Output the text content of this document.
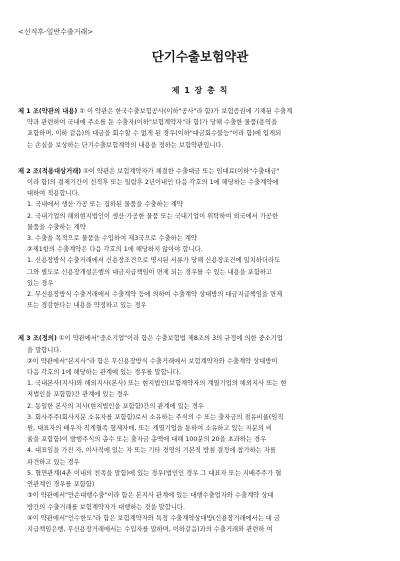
<선적후-일반수출거래>
단기수출보험약관
제 1 장 총 칙
제 1 조(약관의 내용) ① 이 약관은 한국수출보험공사(이하"공사"라 함)가 보험증권에 기재된 수출계
약과 관련하여 국내에 주소를 둔 수출자(이하"보험계약자"라 함)가 당해 수출한 물품(용역을
포함하며, 이하 같음)의 대금을 회수할 수 없게 된 경우(이하"대금회수불능"이라 함)에 입게되
는 손실을 보상하는 단기수출보험계약의 내용을 정하는 보험약관입니다.
제 2 조(적용대상거래) ①이 약관은 보험계약자가 체결한 수출대금 또는 임대료(이하"수출대금"
이라 함)의 결제기간이 선적후 또는 일람후 2년이내인 다음 각호의 1에 해당하는 수출계약에
대하여 적용합니다.
1. 국내에서 생산·가공 또는 집하된 물품을 수출하는 계약
2. 국내기업의 해외현지법인이 생산·가공한 물품 또는 국내기업이 위탁하여 외국에서 가공한
물품을 수출하는 계약
3. 수출을 목적으로 물품을 수입하여 제3국으로 수출하는 계약
②제1항의 수출계약은 다음 각호의 1에 해당하지 않아야 합니다.
1. 신용장방식 수출거래에서 신용장조건으로 명시된 서류가 당해 신용장조건에 일치하더라도
그와 별도로 신용장개설은행의 대금지급책임이 면제 되는 경우를 수 있는 내용을 포함하고
있는 경우
2. 무신용장방식 수출거래에서 수출계약 등에 의하여 수출계약 상대방의 대금지급책임을 면제
또는 경감한다는 내용을 약정하고 있는 경우
제 3 조(정의) ①이 약관에서"중소기업"이라 함은 수출보험법 제8조의 3의 규정에 의한 중소기업
을 말합니다.
②이 약관에서"본지사"라 함은 무신용장방식 수출거래에서 보험계약자와 수출계약 상대방이
다음 각호의 1에 해당하는 관계에 있는 경우를 말합니다.
1. 국내본사(지사)와 해외지사(본사) 또는 현지법인(보험계약자의 계열기업의 해외지사 또는 현
지법인을 포함함)간 관계에 있는 경우
2. 동일한 본사의 지사(현지법인을 포함함)간의 관계에 있는 경우
3. 회사주주(회사지분 소유자를 포함함)로서 소유하는 주식의 수 또는 출자금의 점유비율(임직
원, 대표자의 배우자 직계혈족 형제자매, 또는 계열기업을 통하여 소유하고 있는 지분의 비
율을 포함함)이 발행주식의 총수 또는 출자금 총액에 대해 100분의 20을 초과하는 경우
4. 대표임을 가진 자, 이사직에 있는 자 또는 기타 경영의 기본적 방침 결정에 참가하는 자를
파견하고 있는 경우
5. 혈연관계(4촌 이내의 친족을 말함)에 있는 경우(법인인 경우 그 대표자 또는 지배주주가 혈
연관계인 경우를 포함함)
③이 약관에서"만손대행수출"이라 함은 본지사 관계에 있는 대행수출업자와 수출계약 상대
방간의 수출거래를 보험계약자가 대행하는 것을 말합니다.
④이 약관에서"인수한도"라 함은 보험계약자와 특정 수출계약상대방(신용장거래에서는 대 금
지급책임은행, 무신용장거래에서는 수입자를 말하며, 이하같음)과의 수출거래와 관련하 여
